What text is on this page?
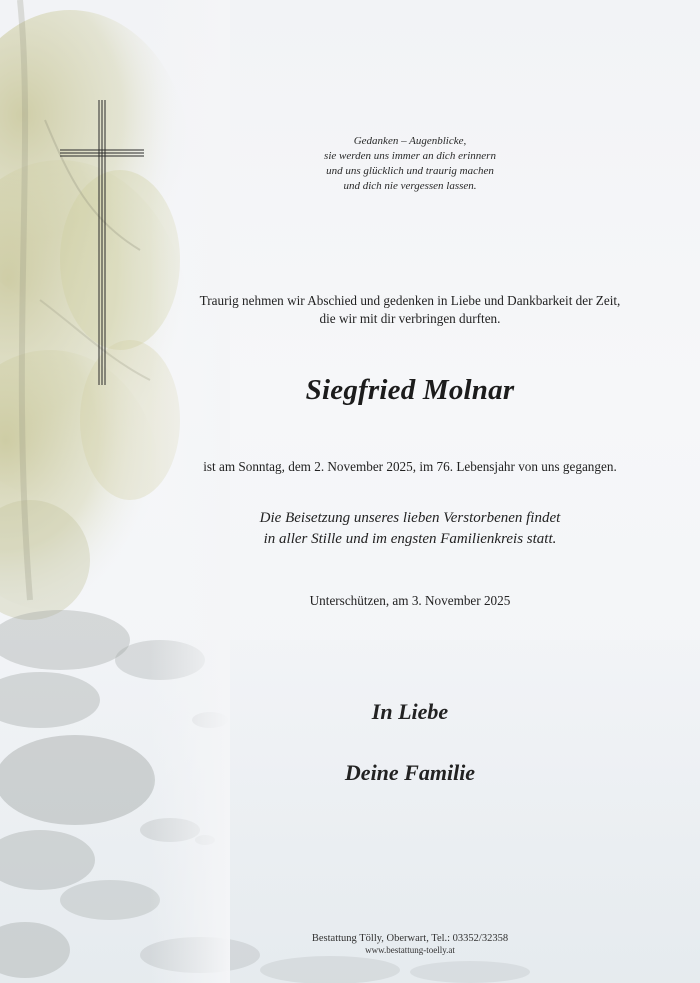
Gedanken – Augenblicke,
sie werden uns immer an dich erinnern
und uns glücklich und traurig machen
und dich nie vergessen lassen.
Traurig nehmen wir Abschied und gedenken in Liebe und Dankbarkeit der Zeit,
die wir mit dir verbringen durften.
Siegfried Molnar
ist am Sonntag, dem 2. November 2025, im 76. Lebensjahr von uns gegangen.
Die Beisetzung unseres lieben Verstorbenen findet
in aller Stille und im engsten Familienkreis statt.
Unterschützen, am 3. November 2025
In Liebe
Deine Familie
Bestattung Tölly, Oberwart, Tel.: 03352/32358
www.bestattung-toelly.at
